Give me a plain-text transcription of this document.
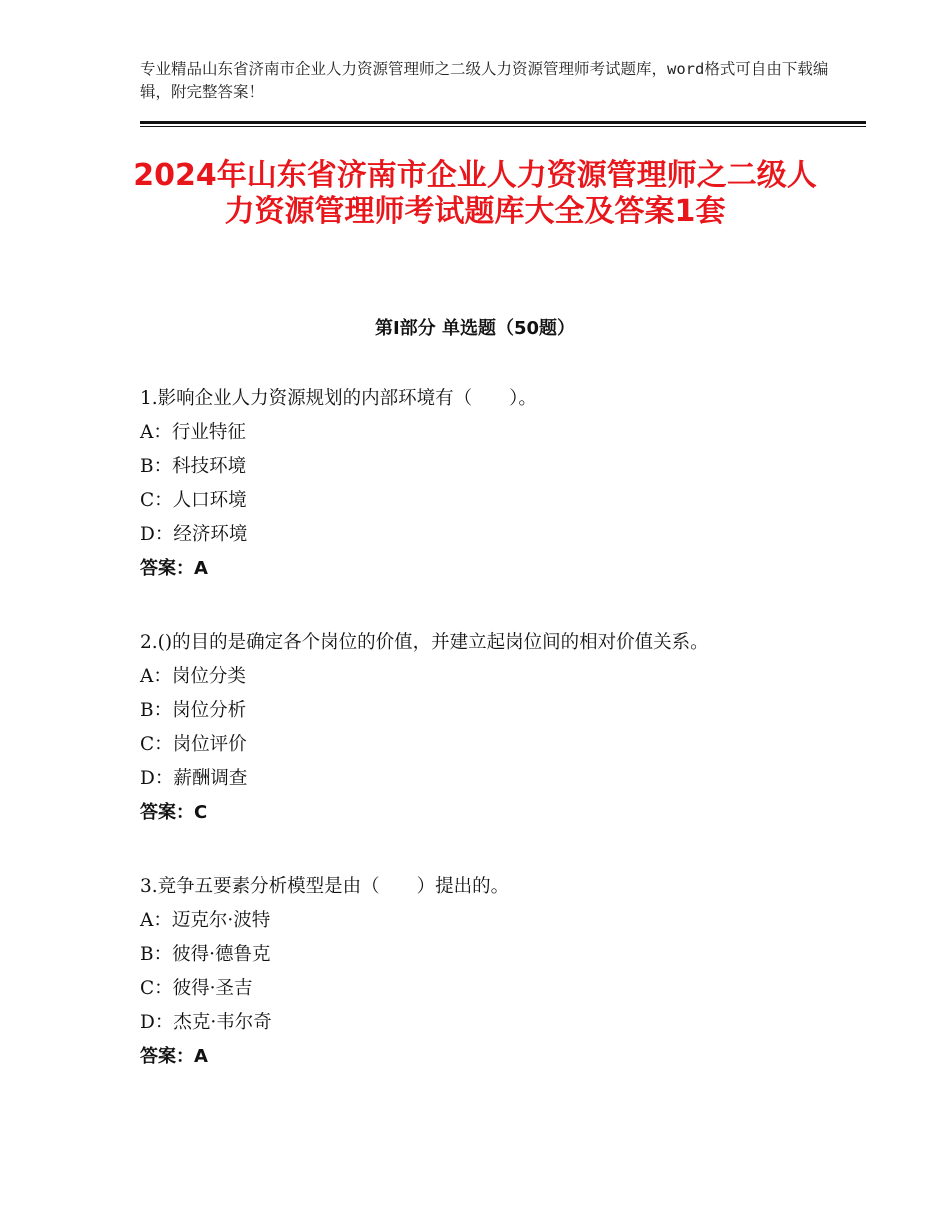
专业精品山东省济南市企业人力资源管理师之二级人力资源管理师考试题库，word格式可自由下载编辑，附完整答案！
2024年山东省济南市企业人力资源管理师之二级人力资源管理师考试题库大全及答案1套
第Ⅰ部分 单选题（50题）
1.影响企业人力资源规划的内部环境有（　　）。
A：行业特征
B：科技环境
C：人口环境
D：经济环境
答案：A
2.()的目的是确定各个岗位的价值，并建立起岗位间的相对价值关系。
A：岗位分类
B：岗位分析
C：岗位评价
D：薪酬调查
答案：C
3.竞争五要素分析模型是由（　　）提出的。
A：迈克尔·波特
B：彼得·德鲁克
C：彼得·圣吉
D：杰克·韦尔奇
答案：A
